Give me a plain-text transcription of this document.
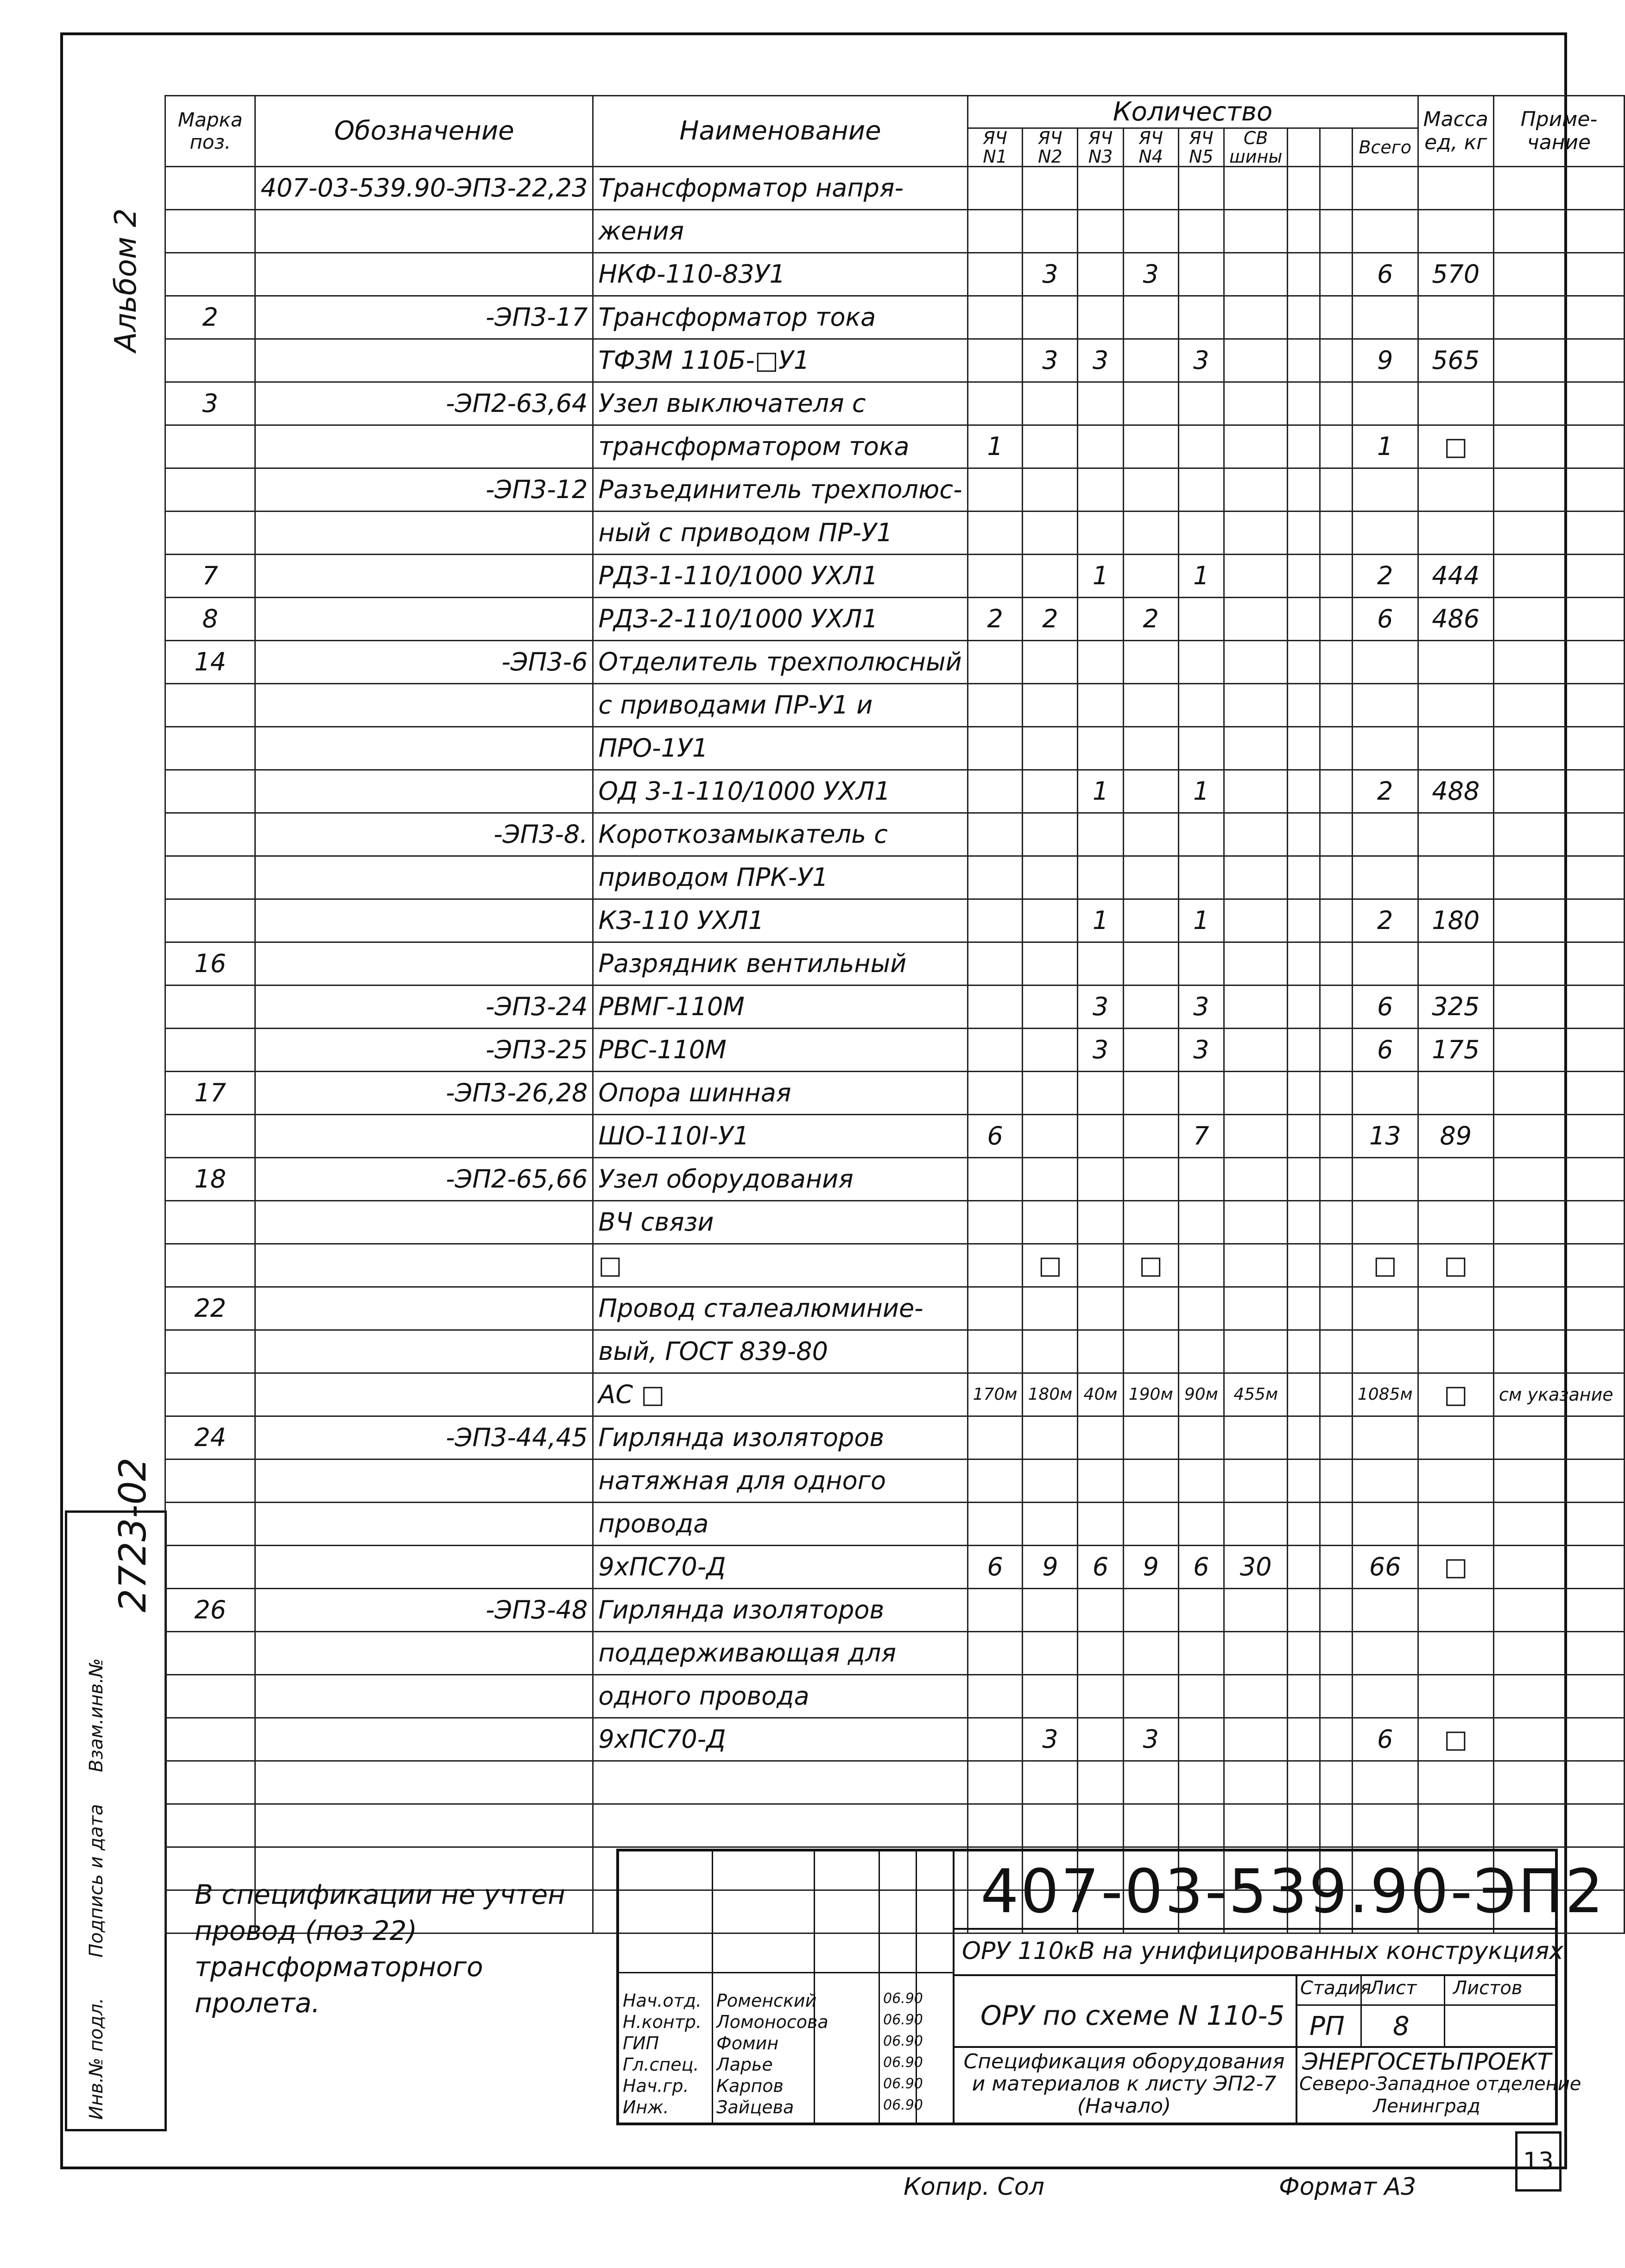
Альбом 2
2723-02
Инв.№ подл.
Подпись и дата
Взам.инв.№
Марка поз.	Обозначение	Наименование	Количество									Масса ед, кг	Приме- чание
			ЯЧ N1	ЯЧ N2	ЯЧ N3	ЯЧ N4	ЯЧ N5	СВ шины			Всего		
	407-03-539.90-ЭП3-22,23	Трансформатор напря-											
		жения											
		НКФ-110-83У1		3		3					6	570	
2	-ЭП3-17	Трансформатор тока											
		ТФЗМ 110Б-□У1		3	3		3				9	565	
3	-ЭП2-63,64	Узел выключателя с											
		трансформатором тока	1								1	□	
	-ЭП3-12	Разъединитель трехполюс-											
		ный с приводом ПР-У1											
7		РДЗ-1-110/1000 УХЛ1			1		1				2	444	
8		РДЗ-2-110/1000 УХЛ1	2	2		2					6	486	
14	-ЭП3-6	Отделитель трехполюсный											
		с приводами ПР-У1 и											
		ПРО-1У1											
		ОД 3-1-110/1000 УХЛ1			1		1				2	488	
	-ЭП3-8.	Короткозамыкатель с											
		приводом ПРК-У1											
		КЗ-110 УХЛ1			1		1				2	180	
16		Разрядник вентильный											
	-ЭП3-24	РВМГ-110М			3		3				6	325	
	-ЭП3-25	РВС-110М			3		3				6	175	
17	-ЭП3-26,28	Опора шинная											
		ШО-110I-У1	6				7				13	89	
18	-ЭП2-65,66	Узел оборудования											
		ВЧ связи											
		□		□		□					□	□	
22		Провод сталеалюминие-											
		вый, ГОСТ 839-80											
		АС □	170м	180м	40м	190м	90м	455м			1085м	□	см указание
24	-ЭП3-44,45	Гирлянда изоляторов											
		натяжная для одного											
		провода											
		9хПС70-Д	6	9	6	9	6	30			66	□	
26	-ЭП3-48	Гирлянда изоляторов											
		поддерживающая для											
		одного провода											
		9хПС70-Д		3		3					6	□	

В спецификации не учтен провод (поз 22) трансформаторного пролета.
407-03-539.90-ЭП2
ОРУ 110кВ на унифицированных конструкциях
ОРУ по схеме N 110-5
Спецификация оборудования
и материалов к листу ЭП2-7
(Начало)
Стадия
Лист Листов
РП 8
ЭНЕРГОСЕТЬПРОЕКТ
Северо-Западное отделение
Ленинград
Нач.отд. Роменский	06.90
Н.контр. Ломоносова	06.90
ГИП	Фомин	06.90
Гл.спец. Ларье	06.90
Нач.гр. Карпов	06.90
Инж.	Зайцева	06.90
Копир. Сол	Формат А3
13
